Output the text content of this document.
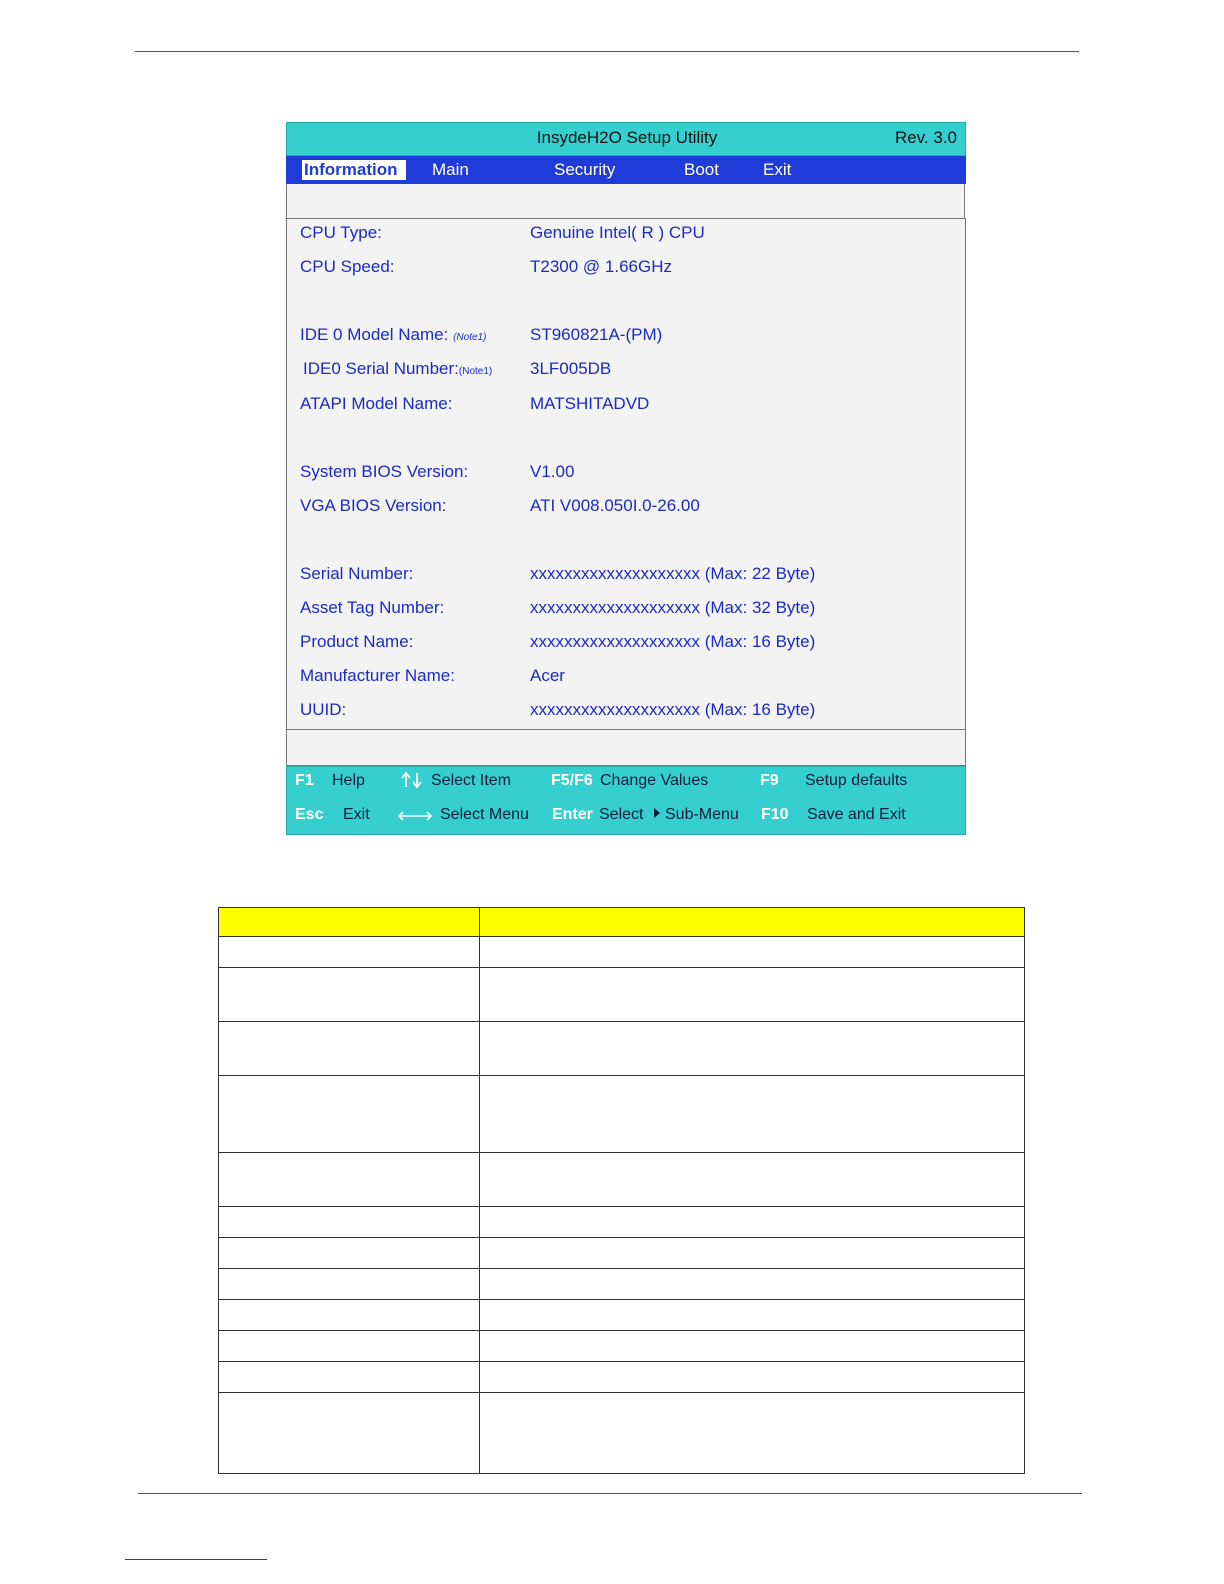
InsydeH2O Setup Utility	Rev. 3.0
Information	Main	Security	Boot	Exit
CPU Type:	Genuine Intel( R ) CPU
CPU Speed:	T2300 @ 1.66GHz
IDE 0 Model Name: (Note1)	ST960821A-(PM)
IDE0 Serial Number:(Note1) 3LF005DB
ATAPI Model Name:	MATSHITADVD
System BIOS Version:	V1.00
VGA BIOS Version:	ATI V008.050I.0-26.00
Serial Number:	xxxxxxxxxxxxxxxxxxxx (Max: 22 Byte)
Asset Tag Number:	xxxxxxxxxxxxxxxxxxxx (Max: 32 Byte)
Product Name:	xxxxxxxxxxxxxxxxxxxx (Max: 16 Byte)
Manufacturer Name:	Acer
UUID:	xxxxxxxxxxxxxxxxxxxx (Max: 16 Byte)
F1 Help	Select Item F5/F6 Change Values	F9 Setup defaults
Esc Exit	Select Menu Enter Select Sub-Menu F10 Save and Exit
